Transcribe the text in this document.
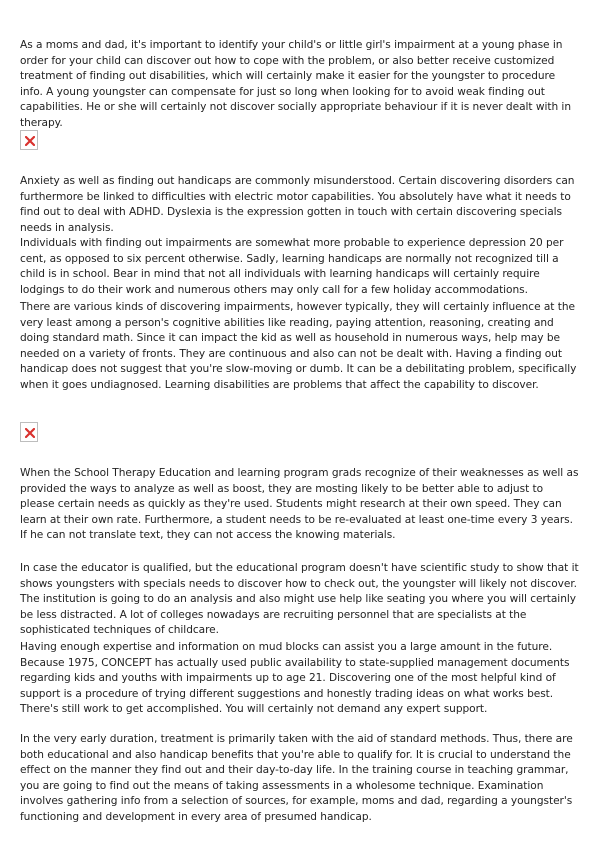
As a moms and dad, it's important to identify your child's or little girl's impairment at a young phase in order for your child can discover out how to cope with the problem, or also better receive customized treatment of finding out disabilities, which will certainly make it easier for the youngster to procedure info. A young youngster can compensate for just so long when looking for to avoid weak finding out capabilities. He or she will certainly not discover socially appropriate behaviour if it is never dealt with in therapy.

Anxiety as well as finding out handicaps are commonly misunderstood. Certain discovering disorders can furthermore be linked to difficulties with electric motor capabilities. You absolutely have what it needs to find out to deal with ADHD. Dyslexia is the expression gotten in touch with certain discovering specials needs in analysis.

Individuals with finding out impairments are somewhat more probable to experience depression 20 per cent, as opposed to six percent otherwise. Sadly, learning handicaps are normally not recognized till a child is in school. Bear in mind that not all individuals with learning handicaps will certainly require lodgings to do their work and numerous others may only call for a few holiday accommodations.

There are various kinds of discovering impairments, however typically, they will certainly influence at the very least among a person's cognitive abilities like reading, paying attention, reasoning, creating and doing standard math. Since it can impact the kid as well as household in numerous ways, help may be needed on a variety of fronts. They are continuous and also can not be dealt with. Having a finding out handicap does not suggest that you're slow-moving or dumb. It can be a debilitating problem, specifically when it goes undiagnosed. Learning disabilities are problems that affect the capability to discover.

When the School Therapy Education and learning program grads recognize of their weaknesses as well as provided the ways to analyze as well as boost, they are mosting likely to be better able to adjust to please certain needs as quickly as they're used. Students might research at their own speed. They can learn at their own rate. Furthermore, a student needs to be re-evaluated at least one-time every 3 years. If he can not translate text, they can not access the knowing materials.

In case the educator is qualified, but the educational program doesn't have scientific study to show that it shows youngsters with specials needs to discover how to check out, the youngster will likely not discover. The institution is going to do an analysis and also might use help like seating you where you will certainly be less distracted. A lot of colleges nowadays are recruiting personnel that are specialists at the sophisticated techniques of childcare.

Having enough expertise and information on mud blocks can assist you a large amount in the future. Because 1975, CONCEPT has actually used public availability to state-supplied management documents regarding kids and youths with impairments up to age 21. Discovering one of the most helpful kind of support is a procedure of trying different suggestions and honestly trading ideas on what works best. There's still work to get accomplished. You will certainly not demand any expert support.

In the very early duration, treatment is primarily taken with the aid of standard methods. Thus, there are both educational and also handicap benefits that you're able to qualify for. It is crucial to understand the effect on the manner they find out and their day-to-day life. In the training course in teaching grammar, you are going to find out the means of taking assessments in a wholesome technique. Examination involves gathering info from a selection of sources, for example, moms and dad, regarding a youngster's functioning and development in every area of presumed handicap.
